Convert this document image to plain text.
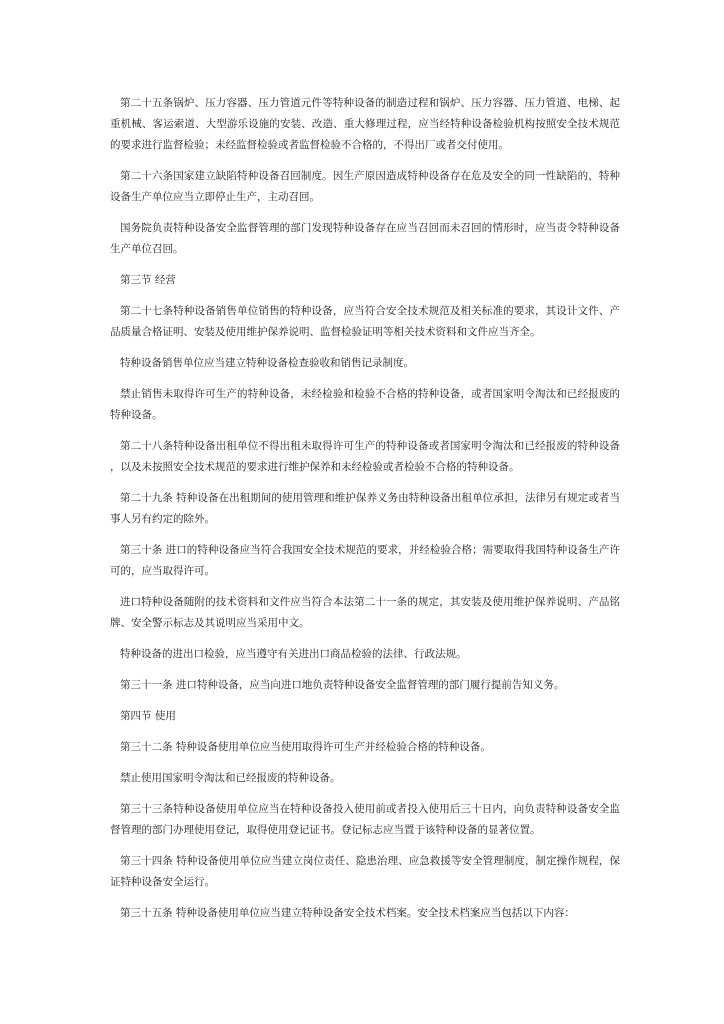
第二十五条锅炉、压力容器、压力管道元件等特种设备的制造过程和锅炉、压力容器、压力管道、电梯、起重机械、客运索道、大型游乐设施的安装、改造、重大修理过程，应当经特种设备检验机构按照安全技术规范的要求进行监督检验；未经监督检验或者监督检验不合格的，不得出厂或者交付使用。

第二十六条国家建立缺陷特种设备召回制度。因生产原因造成特种设备存在危及安全的同一性缺陷的，特种设备生产单位应当立即停止生产，主动召回。

国务院负责特种设备安全监督管理的部门发现特种设备存在应当召回而未召回的情形时，应当责令特种设备生产单位召回。

第三节 经营

第二十七条特种设备销售单位销售的特种设备，应当符合安全技术规范及相关标准的要求，其设计文件、产品质量合格证明、安装及使用维护保养说明、监督检验证明等相关技术资料和文件应当齐全。

特种设备销售单位应当建立特种设备检查验收和销售记录制度。

禁止销售未取得许可生产的特种设备，未经检验和检验不合格的特种设备，或者国家明令淘汰和已经报废的特种设备。

第二十八条特种设备出租单位不得出租未取得许可生产的特种设备或者国家明令淘汰和已经报废的特种设备，以及未按照安全技术规范的要求进行维护保养和未经检验或者检验不合格的特种设备。

第二十九条 特种设备在出租期间的使用管理和维护保养义务由特种设备出租单位承担，法律另有规定或者当事人另有约定的除外。

第三十条 进口的特种设备应当符合我国安全技术规范的要求，并经检验合格；需要取得我国特种设备生产许可的，应当取得许可。

进口特种设备随附的技术资料和文件应当符合本法第二十一条的规定，其安装及使用维护保养说明、产品铭牌、安全警示标志及其说明应当采用中文。

特种设备的进出口检验，应当遵守有关进出口商品检验的法律、行政法规。

第三十一条 进口特种设备，应当向进口地负责特种设备安全监督管理的部门履行提前告知义务。

第四节 使用

第三十二条 特种设备使用单位应当使用取得许可生产并经检验合格的特种设备。

禁止使用国家明令淘汰和已经报废的特种设备。

第三十三条特种设备使用单位应当在特种设备投入使用前或者投入使用后三十日内，向负责特种设备安全监督管理的部门办理使用登记，取得使用登记证书。登记标志应当置于该特种设备的显著位置。

第三十四条 特种设备使用单位应当建立岗位责任、隐患治理、应急救援等安全管理制度，制定操作规程，保证特种设备安全运行。

第三十五条 特种设备使用单位应当建立特种设备安全技术档案。安全技术档案应当包括以下内容：
